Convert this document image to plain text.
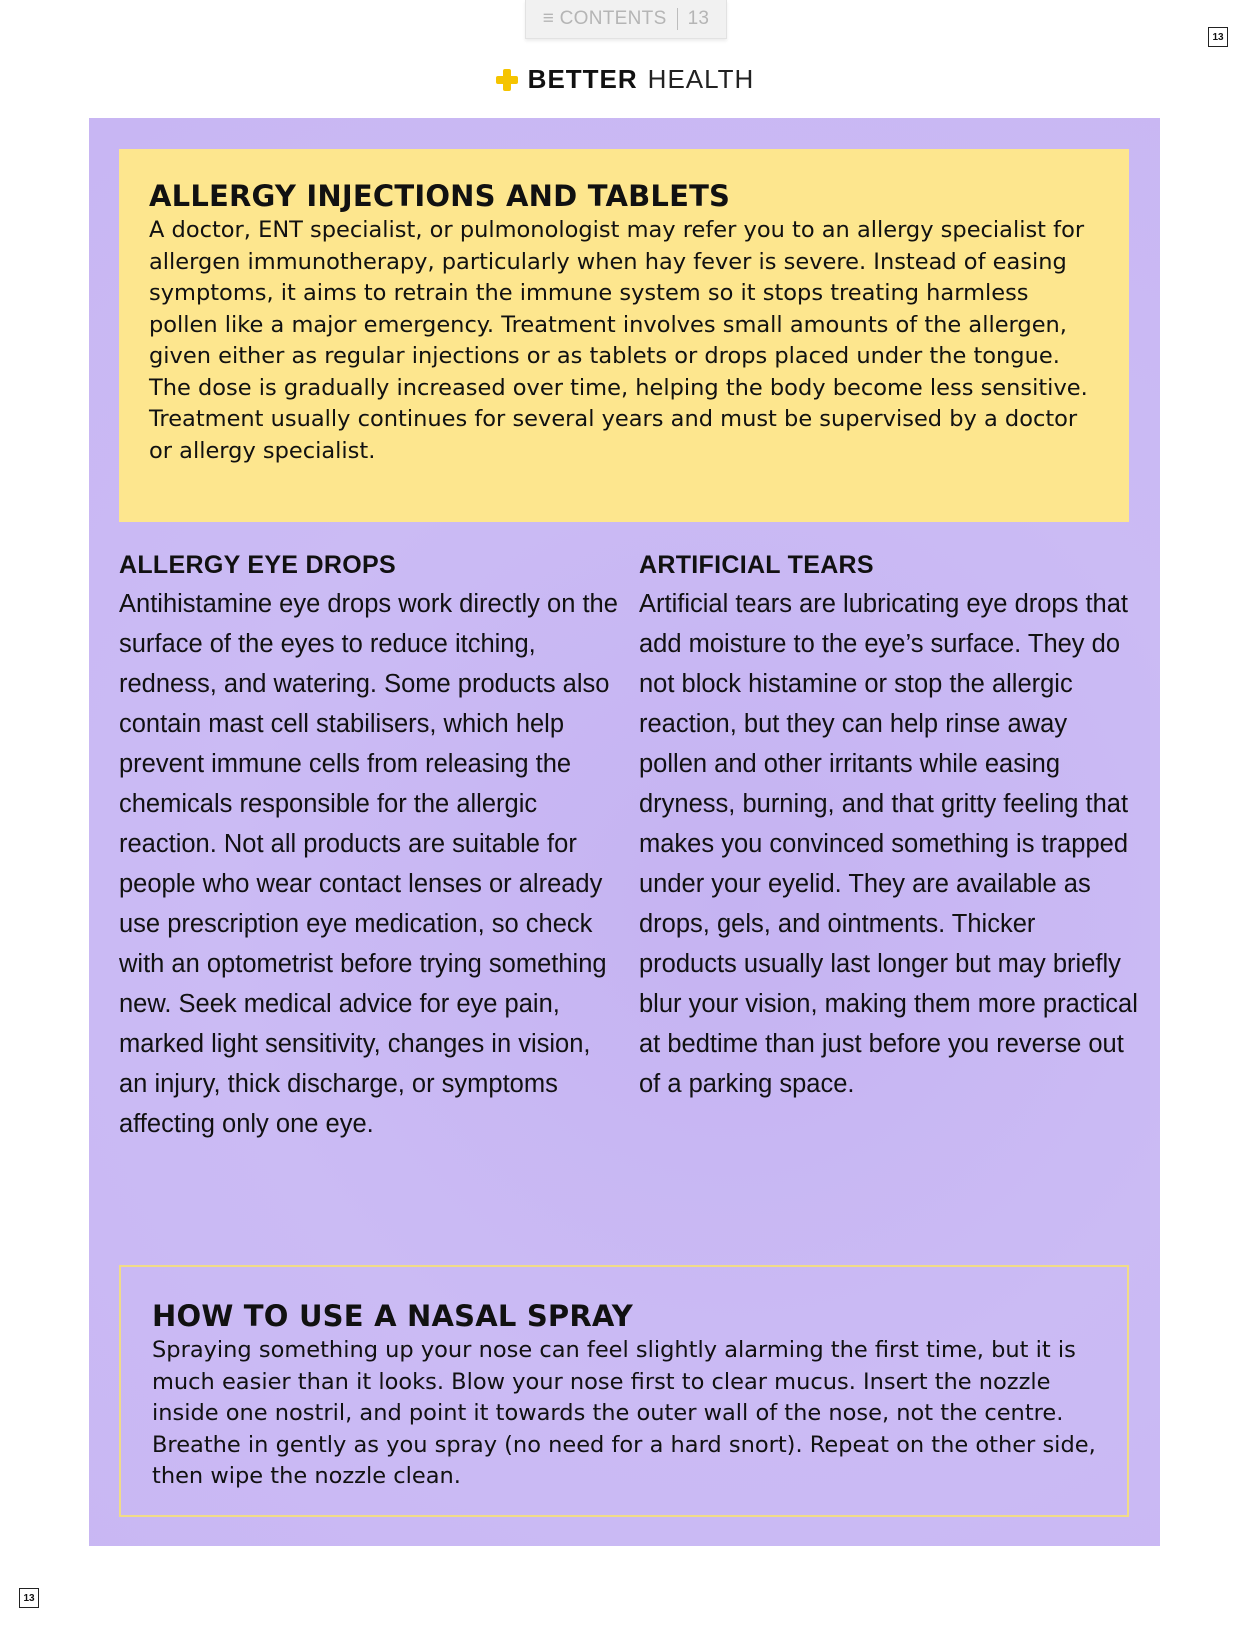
≡ CONTENTS 13
13
BETTER HEALTH
ALLERGY INJECTIONS AND TABLETS

A doctor, ENT specialist, or pulmonologist may refer you to an allergy specialist for allergen immunotherapy, particularly when hay fever is severe. Instead of easing symptoms, it aims to retrain the immune system so it stops treating harmless pollen like a major emergency. Treatment involves small amounts of the allergen, given either as regular injections or as tablets or drops placed under the tongue. The dose is gradually increased over time, helping the body become less sensitive. Treatment usually continues for several years and must be supervised by a doctor or allergy specialist.

ALLERGY EYE DROPS

Antihistamine eye drops work directly on the surface of the eyes to reduce itching, redness, and watering. Some products also contain mast cell stabilisers, which help prevent immune cells from releasing the chemicals responsible for the allergic reaction. Not all products are suitable for people who wear contact lenses or already use prescription eye medication, so check with an optometrist before trying something new. Seek medical advice for eye pain, marked light sensitivity, changes in vision, an injury, thick discharge, or symptoms affecting only one eye.

ARTIFICIAL TEARS

Artificial tears are lubricating eye drops that add moisture to the eye’s surface. They do not block histamine or stop the allergic reaction, but they can help rinse away pollen and other irritants while easing dryness, burning, and that gritty feeling that makes you convinced something is trapped under your eyelid. They are available as drops, gels, and ointments. Thicker products usually last longer but may briefly blur your vision, making them more practical at bedtime than just before you reverse out of a parking space.

HOW TO USE A NASAL SPRAY

Spraying something up your nose can feel slightly alarming the first time, but it is much easier than it looks. Blow your nose first to clear mucus. Insert the nozzle inside one nostril, and point it towards the outer wall of the nose, not the centre. Breathe in gently as you spray (no need for a hard snort). Repeat on the other side, then wipe the nozzle clean.

13
